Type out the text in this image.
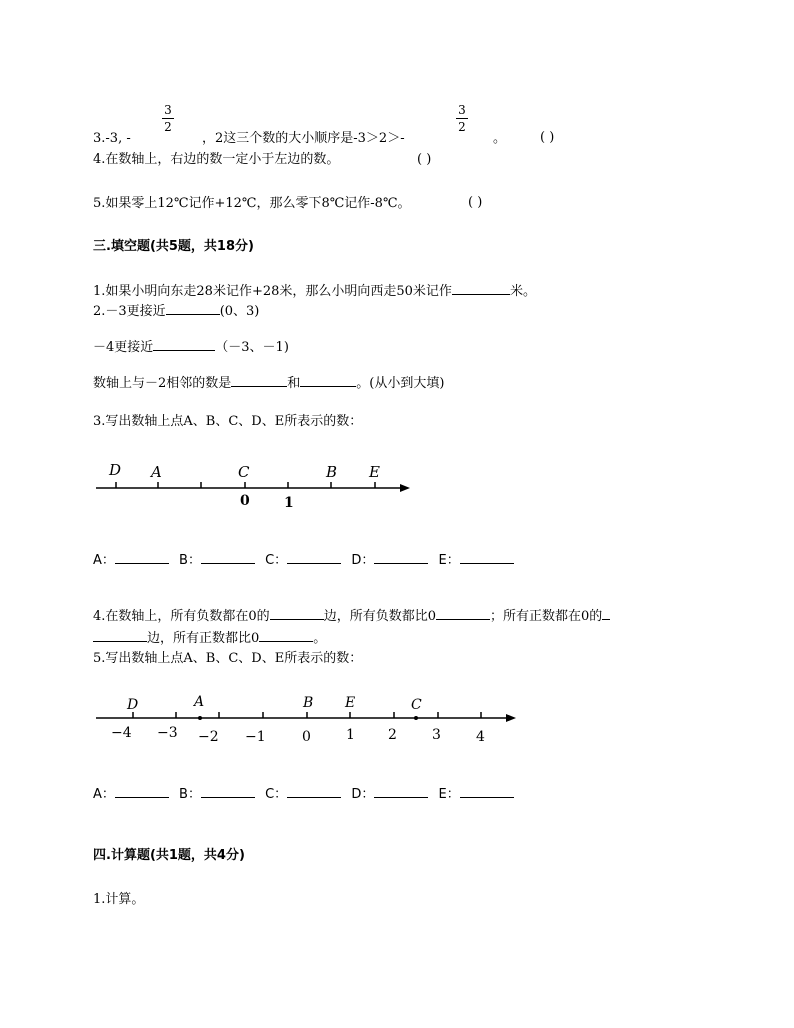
3.-3, -
3
2
，2这三个数的大小顺序是-3＞2＞-
3
2
。	( )
4.在数轴上，右边的数一定小于左边的数。	( )
5.如果零上12℃记作+12℃，那么零下8℃记作-8℃。	( )
三.填空题(共5题，共18分)
1.如果小明向东走28米记作+28米，那么小明向西走50米记作	米。
2.－3更接近	(0、3)
－4更接近	（－3、－1)
数轴上与－2相邻的数是	和	。(从小到大填)
3.写出数轴上点A、B、C、D、E所表示的数：
D A	C	B E
0 1
D	A	B E	C
−4 −3 −2 −1	0	1 2	3	4
A：	B：	C：	D：	E：
4.在数轴上，所有负数都在0的	边，所有负数都比0	；所有正数都在0的
边，所有正数都比0	。
5.写出数轴上点A、B、C、D、E所表示的数：
A：	B：	C：	D：	E：
四.计算题(共1题，共4分)
1.计算。
